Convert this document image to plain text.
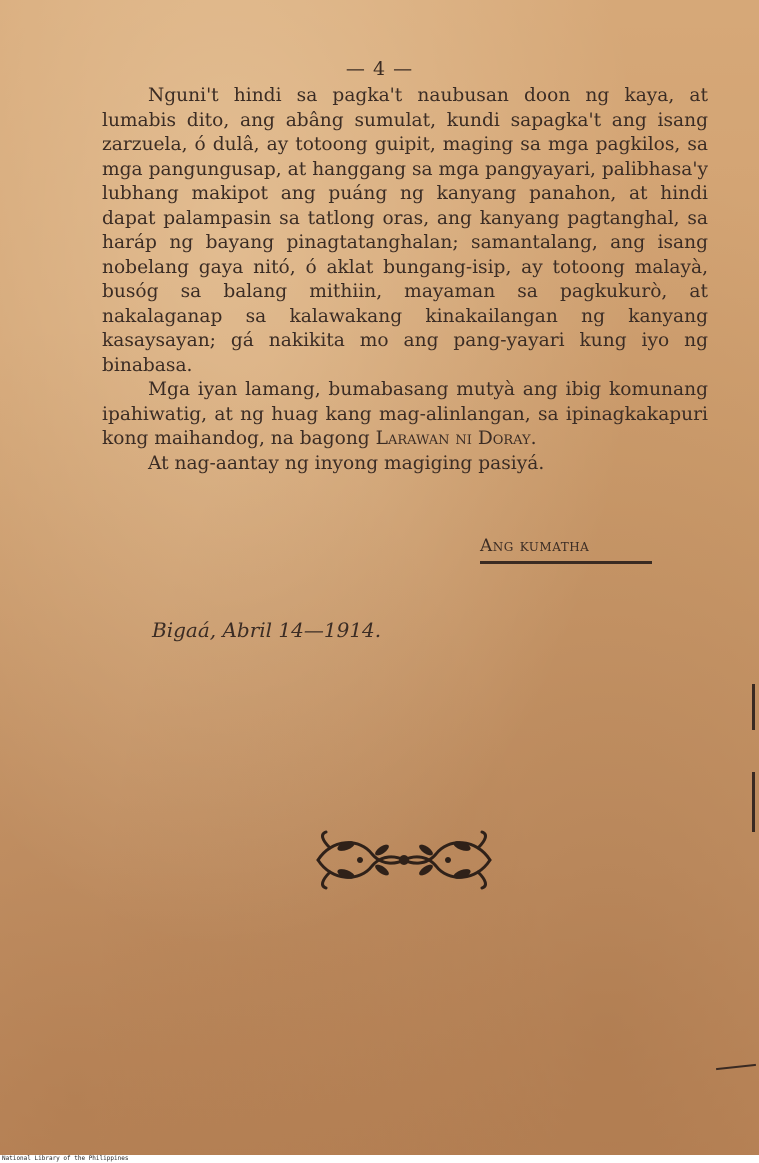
— 4 —

Nguni't hindi sa pagka't naubusan doon ng kaya, at lumabis dito, ang abâng sumulat, kundi sapagka't ang isang zarzuela, ó dulâ, ay totoong guipit, maging sa mga pagkilos, sa mga pangungusap, at hanggang sa mga pangyayari, palibhasa'y lubhang makipot ang puáng ng kanyang panahon, at hindi dapat palampasin sa tatlong oras, ang kanyang pagtanghal, sa haráp ng bayang pinagtatanghalan; samantalang, ang isang nobelang gaya nitó, ó aklat bungang-isip, ay totoong malayà, busóg sa balang mithiin, mayaman sa pagkukurò, at nakalaganap sa kalawakang kinakailangan ng kanyang kasaysayan; gá nakikita mo ang pang-yayari kung iyo ng binabasa.

Mga iyan lamang, bumabasang mutyà ang ibig komunang ipahiwatig, at ng huag kang mag-alinlangan, sa ipinagkakapuri kong maihandog, na bagong Larawan ni Doray.

At nag-aantay ng inyong magiging pasiyá.

Ang kumatha
Bigaá, Abril 14—1914.
National Library of the Philippines
